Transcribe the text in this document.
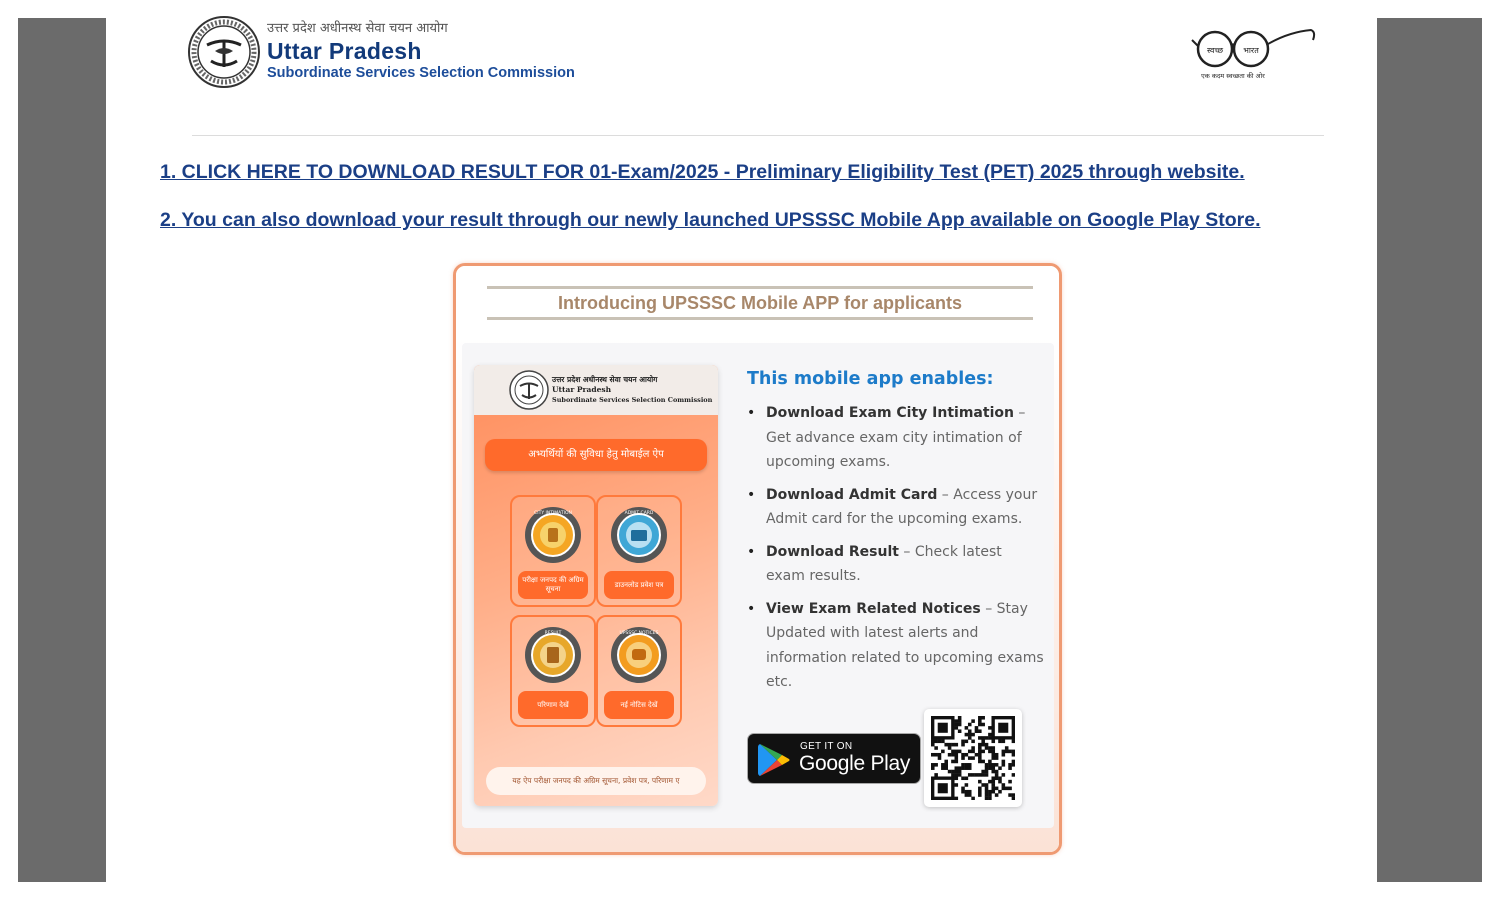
उत्तर प्रदेश अधीनस्थ सेवा चयन आयोग
Uttar Pradesh
Subordinate Services Selection Commission
स्वच्छ	भारत
एक कदम स्वच्छता की ओर
1. CLICK HERE TO DOWNLOAD RESULT FOR 01-Exam/2025 - Preliminary Eligibility Test (PET) 2025 through website.
2. You can also download your result through our newly launched UPSSSC Mobile App available on Google Play Store.
Introducing UPSSSC Mobile APP for applicants
उत्तर प्रदेश अधीनस्थ सेवा चयन आयोग
Uttar Pradesh
Subordinate Services Selection Commission
अभ्यर्थियों की सुविधा हेतु मोबाईल ऐप
CITY INTIMATION
परीक्षा जनपद की अग्रिम सूचना
ADMIT CARD
डाउनलोड प्रवेश पत्र
RESULT
परिणाम देखें
UPSSSC NOTICES
नई नोटिस देखें
यह ऐप परीक्षा जनपद की अग्रिम सूचना, प्रवेश पत्र, परिणाम ए
This mobile app enables:
• Download Exam City Intimation – Get advance exam city intimation of upcoming exams.
• Download Admit Card – Access your Admit card for the upcoming exams.
• Download Result – Check latest exam results.
• View Exam Related Notices – Stay Updated with latest alerts and information related to upcoming exams etc.
GET IT ON
Google Play
